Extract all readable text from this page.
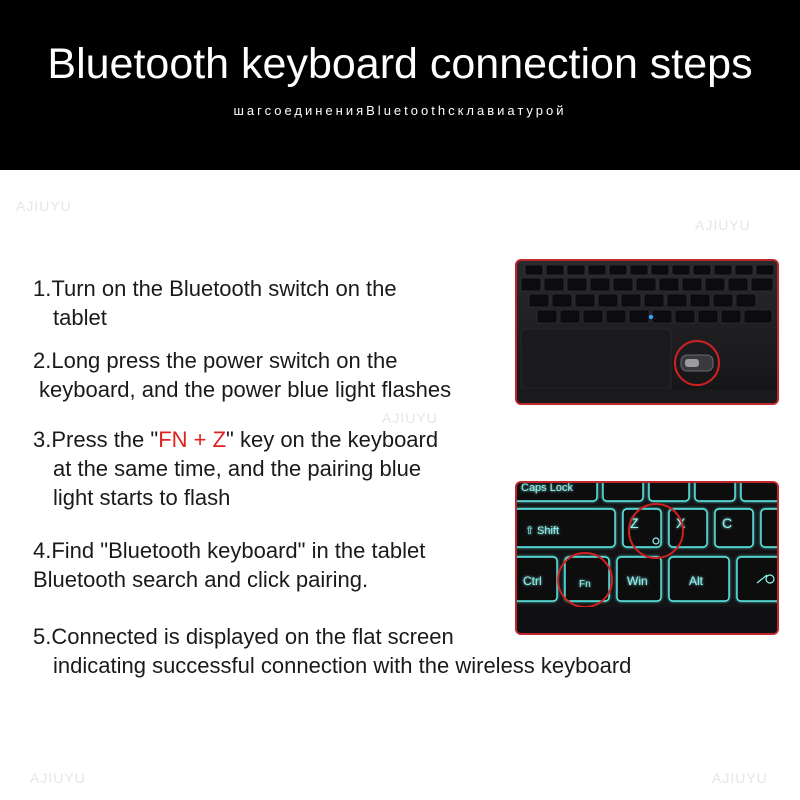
Bluetooth keyboard connection steps
шагсоединенияBluetoothсклавиатурой
AJIUYU
AJIUYU
AJIUYU
AJIUYU	AJIUYU
1.Turn on the Bluetooth switch on the
tablet
2.Long press the power switch on the
keyboard, and the power blue light flashes
3.Press the "FN + Z" key on the keyboard
at the same time, and the pairing blue
light starts to flash
4.Find "Bluetooth keyboard" in the tablet
Bluetooth search and click pairing.
5.Connected is displayed on the flat screen
indicating successful connection with the wireless keyboard
Caps Lock
⇧ Shift	Z	X	C
Ctrl	Fn	Win	Alt
